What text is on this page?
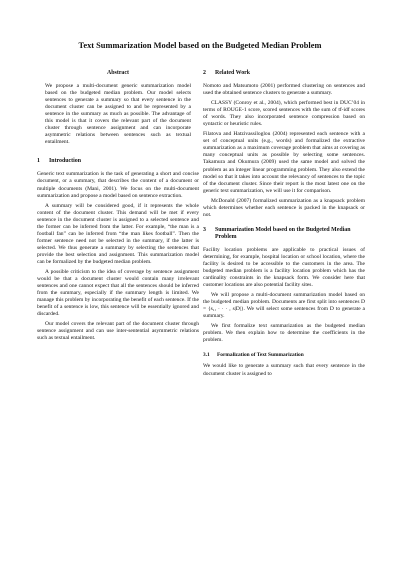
Text Summarization Model based on the Budgeted Median Problem
Abstract

We propose a multi-document generic summarization model based on the budgeted median problem. Our model selects sentences to generate a summary so that every sentence in the document cluster can be assigned to and be represented by a sentence in the summary as much as possible. The advantage of this model is that it covers the relevant part of the document cluster through sentence assignment and can incorporate asymmetric relations between sentences such as textual entailment.

1 Introduction

Generic text summarization is the task of generating a short and concise document, or a summary, that describes the content of a document or multiple documents (Mani, 2001). We focus on the multi-document summarization and propose a model based on sentence extraction.

A summary will be considered good, if it represents the whole content of the document cluster. This demand will be met if every sentence in the document cluster is assigned to a selected sentence and the former can be inferred from the latter. For example, “the man is a football fan” can be inferred from “the man likes football”. Then the former sentence need not be selected in the summary, if the latter is selected. We thus generate a summary by selecting the sentences that provide the best selection and assignment. This summarization model can be formalized by the budgeted median problem.

A possible criticism to the idea of coverage by sentence assignment would be that a document cluster would contain many irrelevant sentences and one cannot expect that all the sentences should be inferred from the summary, especially if the summary length is limited. We manage this problem by incorporating the benefit of each sentence. If the benefit of a sentence is low, this sentence will be essentially ignored and discarded.

Our model covers the relevant part of the document cluster through sentence assignment and can use inter-sentential asymmetric relations such as textual entailment.

2 Related Work

Nomoto and Matsumoto (2001) performed clustering on sentences and used the obtained sentence clusters to generate a summary.

CLASSY (Conroy et al., 2004), which performed best in DUC’04 in terms of ROUGE-1 score, scored sentences with the sum of tf-idf scores of words. They also incorporated sentence compression based on syntactic or heuristic rules.

Filatova and Hatzivassiloglou (2004) represented each sentence with a set of conceptual units (e.g., words) and formalized the extractive summarization as a maximum coverage problem that aims at covering as many conceptual units as possible by selecting some sentences. Takamura and Okumura (2009) used the same model and solved the problem as an integer linear programming problem. They also extend the model so that it takes into account the relevancy of sentences to the topic of the document cluster. Since their report is the most latest one on the generic text summarization, we will use it for comparison.

McDonald (2007) formalized summarization as a knapsack problem which determines whether each sentence is packed in the knapsack or not.

3	Summarization Model based on the Budgeted Median Problem

Facility location problems are applicable to practical issues of determining, for example, hospital location or school location, where the facility is desired to be accessible to the customers in the area. The budgeted median problem is a facility location problem which has the cardinality constraints in the knapsack form. We consider here that customer locations are also potential facility sites.

We will propose a multi-document summarization model based on the budgeted median problem. Documents are first split into sentences D = {s₁, · · · , s|D|}. We will select some sentences from D to generate a summary.

We first formalize text summarization as the budgeted median problem. We then explain how to determine the coefficients in the problem.

3.1 Formalization of Text Summarization

We would like to generate a summary such that every sentence in the document cluster is assigned to
